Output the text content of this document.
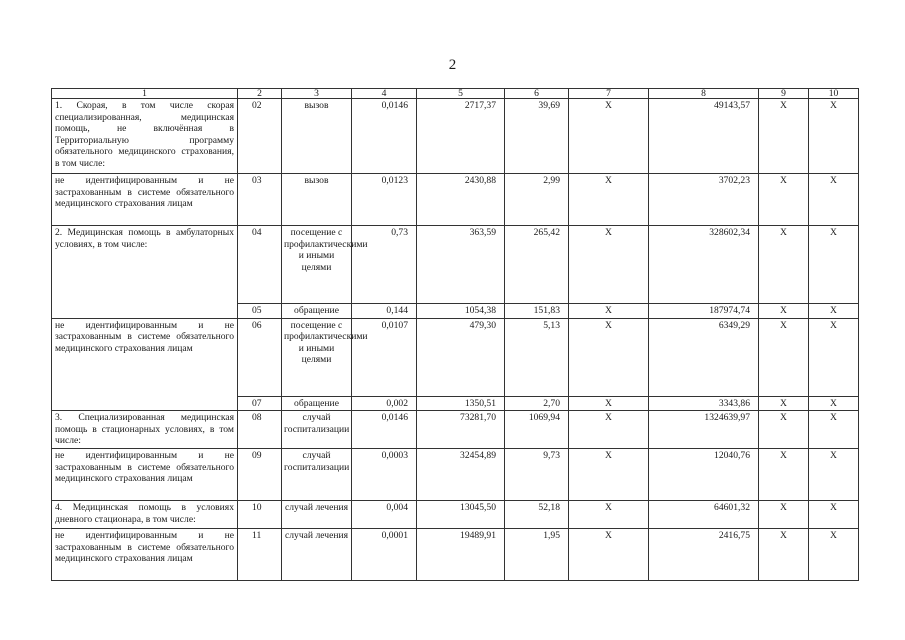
2
1	2	3	4	5	6	7	8	9	10
1. Скорая, в том числе скорая специализированная, медицинская помощь, не включённая в Территориальную программу обязательного медицинского страхования, в том числе:	02	вызов	0,0146	2717,37	39,69	X	49143,57	X	X
не идентифицированным и не застрахованным в системе обязательного медицинского страхования лицам	03	вызов	0,0123	2430,88	2,99	X	3702,23	X	X
2. Медицинская помощь в амбулаторных условиях, в том числе:	04	посещение с профилактическими и иными целями	0,73	363,59	265,42	X	328602,34	X	X
	05	обращение	0,144	1054,38	151,83	X	187974,74	X	X
не идентифицированным и не застрахованным в системе обязательного медицинского страхования лицам	06	посещение с профилактическими и иными целями	0,0107	479,30	5,13	X	6349,29	X	X
	07	обращение	0,002	1350,51	2,70	X	3343,86	X	X
3. Специализированная медицинская помощь в стационарных условиях, в том числе:	08	случай госпитализации	0,0146	73281,70	1069,94	X	1324639,97	X	X
не идентифицированным и не застрахованным в системе обязательного медицинского страхования лицам	09	случай госпитализации	0,0003	32454,89	9,73	X	12040,76	X	X
4. Медицинская помощь в условиях дневного стационара, в том числе:	10	случай лечения	0,004	13045,50	52,18	X	64601,32	X	X
не идентифицированным и не застрахованным в системе обязательного медицинского страхования лицам	11	случай лечения	0,0001	19489,91	1,95	X	2416,75	X	X
